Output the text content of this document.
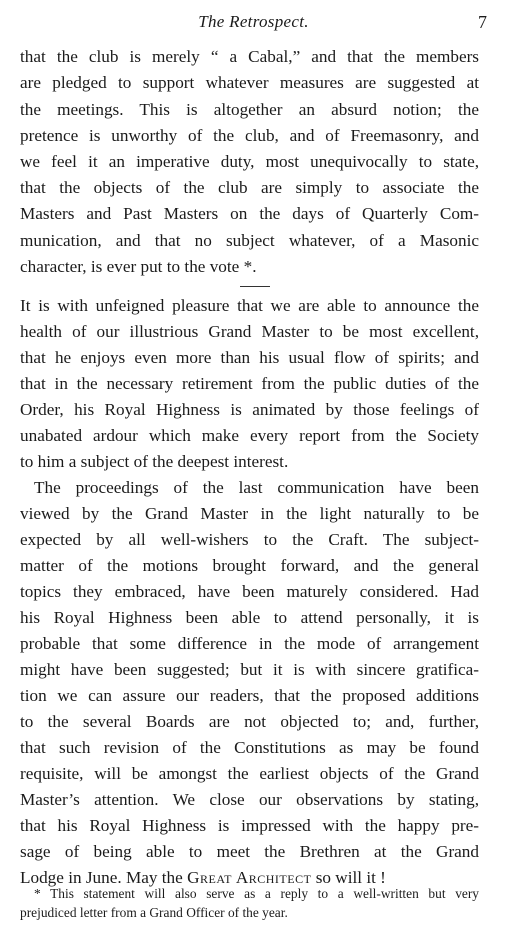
The Retrospect.	7
that the club is merely “ a Cabal,” and that the members
are pledged to support whatever measures are suggested at
the meetings. This is altogether an absurd notion; the
pretence is unworthy of the club, and of Freemasonry, and
we feel it an imperative duty, most unequivocally to state,
that the objects of the club are simply to associate the
Masters and Past Masters on the days of Quarterly Com-
munication, and that no subject whatever, of a Masonic
character, is ever put to the vote *.
It is with unfeigned pleasure that we are able to announce the
health of our illustrious Grand Master to be most excellent,
that he enjoys even more than his usual flow of spirits; and
that in the necessary retirement from the public duties of the
Order, his Royal Highness is animated by those feelings of
unabated ardour which make every report from the Society
to him a subject of the deepest interest.
The proceedings of the last communication have been
viewed by the Grand Master in the light naturally to be
expected by all well-wishers to the Craft. The subject-
matter of the motions brought forward, and the general
topics they embraced, have been maturely considered. Had
his Royal Highness been able to attend personally, it is
probable that some difference in the mode of arrangement
might have been suggested; but it is with sincere gratifica-
tion we can assure our readers, that the proposed additions
to the several Boards are not objected to; and, further,
that such revision of the Constitutions as may be found
requisite, will be amongst the earliest objects of the Grand
Master’s attention. We close our observations by stating,
that his Royal Highness is impressed with the happy pre-
sage of being able to meet the Brethren at the Grand
Lodge in June. May the Great Architect so will it !
* This statement will also serve as a reply to a well-written but very
prejudiced letter from a Grand Officer of the year.
